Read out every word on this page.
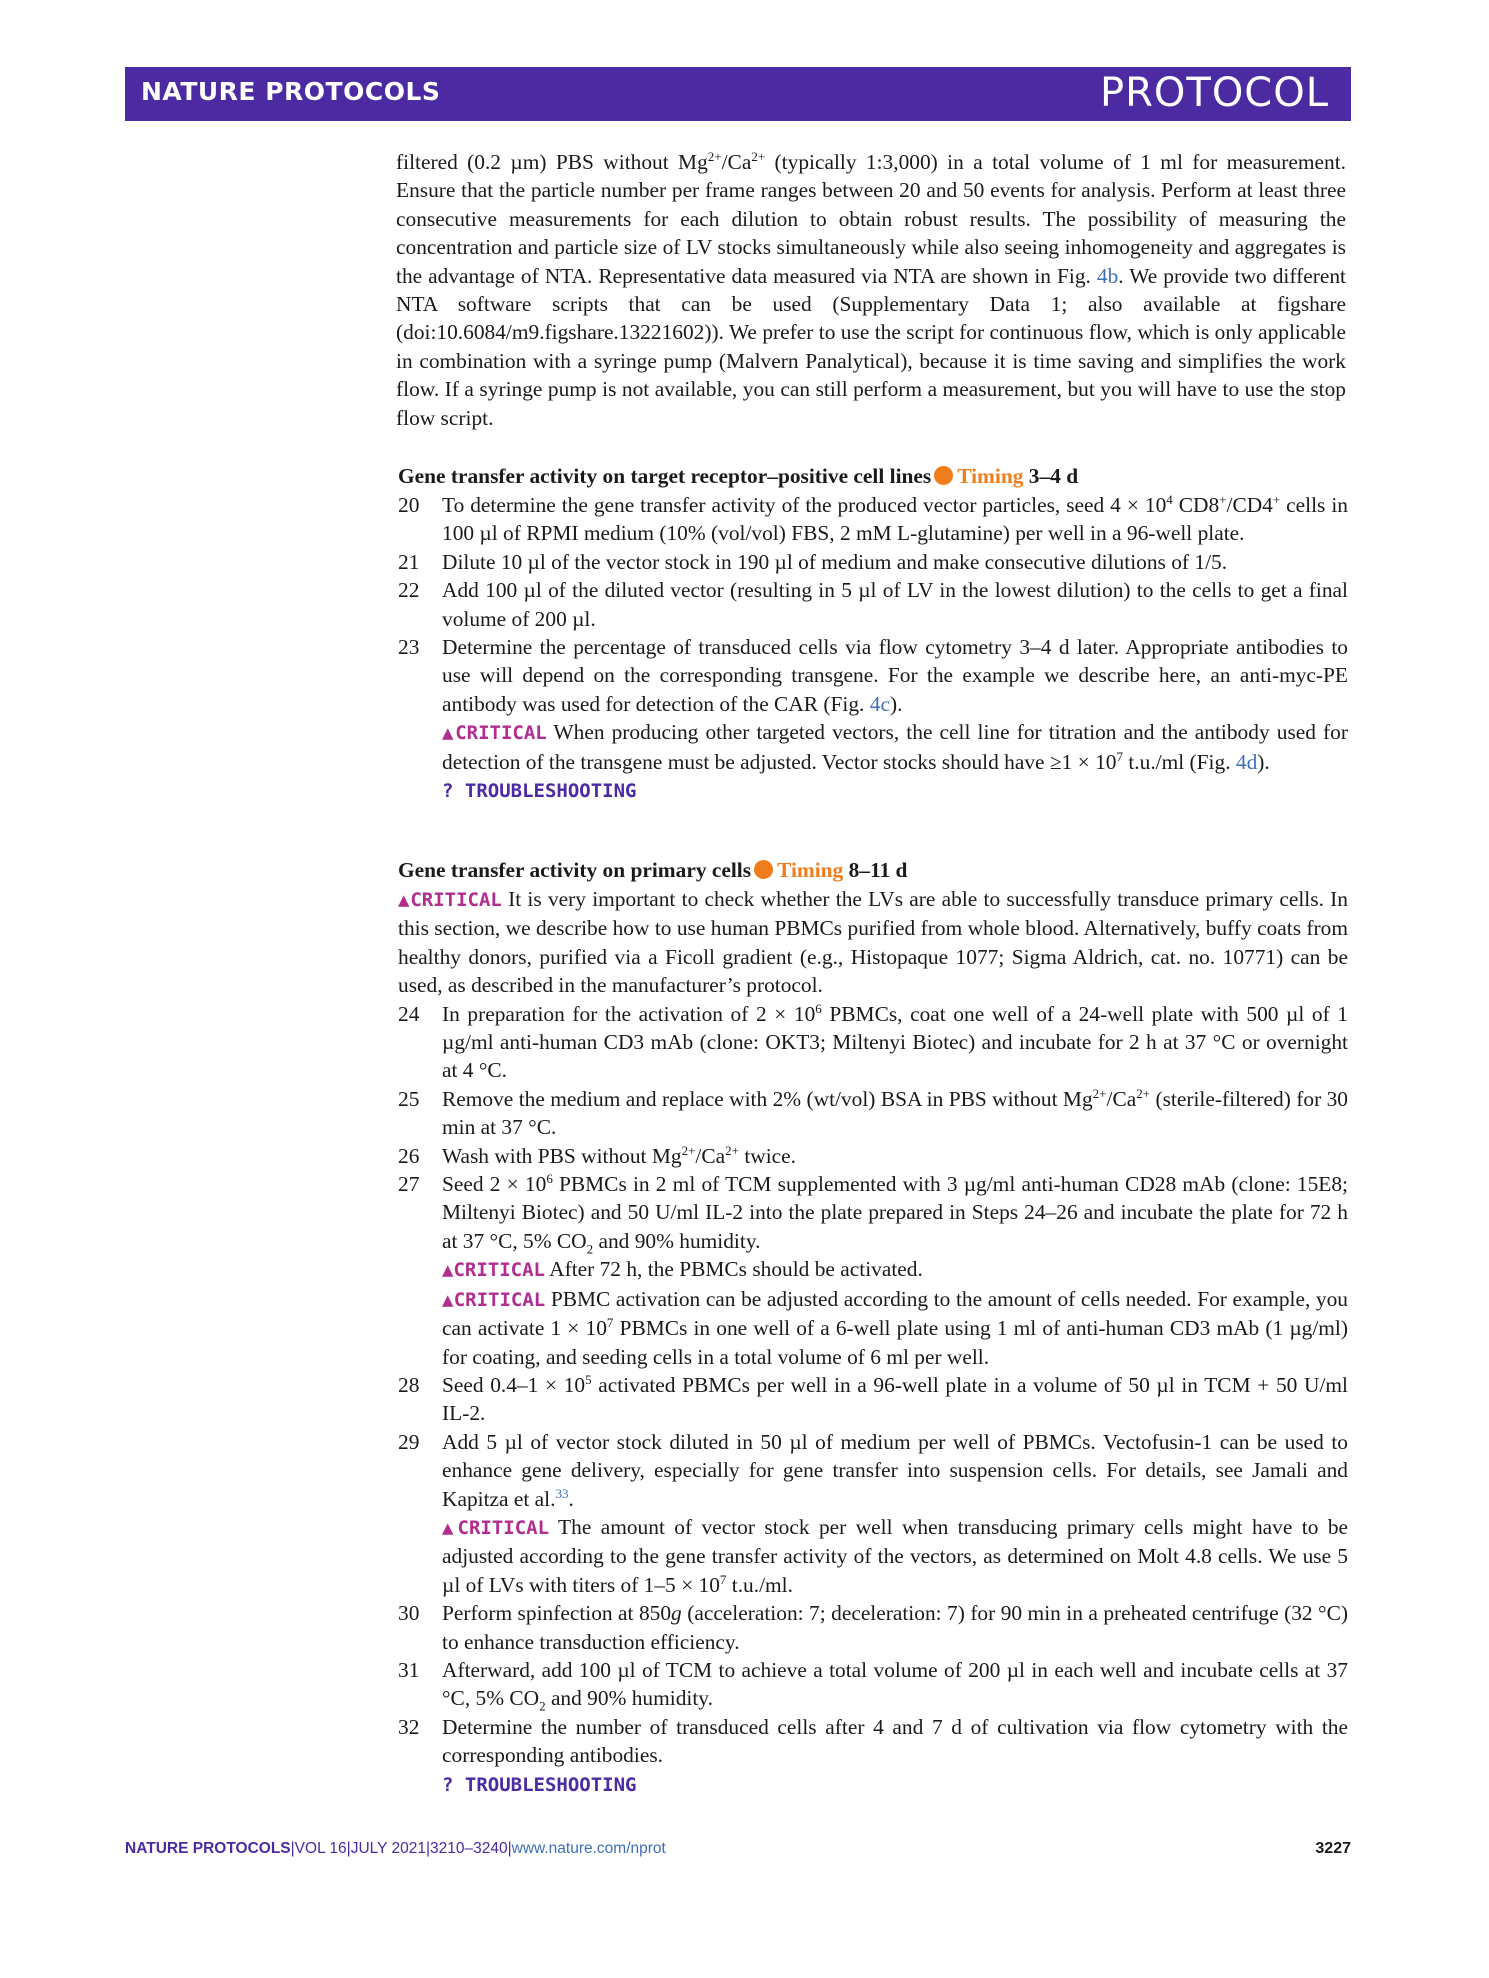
NATURE PROTOCOLS	PROTOCOL

filtered (0.2 µm) PBS without $Mg^{2+}/Ca^{2+}$ (typically 1:3,000) in a total volume of 1 ml for measurement. Ensure that the particle number per frame ranges between 20 and 50 events for analysis. Perform at least three consecutive measurements for each dilution to obtain robust results. The possibility of measuring the concentration and particle size of LV stocks simultaneously while also seeing inhomogeneity and aggregates is the advantage of NTA. Representative data measured via NTA are shown in Fig. 4b. We provide two different NTA software scripts that can be used (Supplementary Data 1; also available at figshare (doi:10.6084/m9.figshare.13221602)). We prefer to use the script for continuous flow, which is only applicable in combination with a syringe pump (Malvern Panalytical), because it is time saving and simplifies the work flow. If a syringe pump is not available, you can still perform a measurement, but you will have to use the stop flow script.

Gene transfer activity on target receptor–positive cell lines Timing 3–4 d
20 To determine the gene transfer activity of the produced vector particles, seed $4 \times 10^4$ CD8+/CD4+ cells in 100 µl of RPMI medium (10% (vol/vol) FBS, 2 mM L-glutamine) per well in a 96-well plate.
21 Dilute 10 µl of the vector stock in 190 µl of medium and make consecutive dilutions of 1/5.
22 Add 100 µl of the diluted vector (resulting in 5 µl of LV in the lowest dilution) to the cells to get a final volume of 200 µl.
23 Determine the percentage of transduced cells via flow cytometry 3–4 d later. Appropriate antibodies to use will depend on the corresponding transgene. For the example we describe here, an anti-myc-PE antibody was used for detection of the CAR (Fig. 4c).
▲CRITICAL When producing other targeted vectors, the cell line for titration and the antibody used for detection of the transgene must be adjusted. Vector stocks should have $\ge 1 \times 10^7$ t.u./ml (Fig. 4d).
? TROUBLESHOOTING
Gene transfer activity on primary cells Timing 8–11 d
▲CRITICAL It is very important to check whether the LVs are able to successfully transduce primary cells. In this section, we describe how to use human PBMCs purified from whole blood. Alternatively, buffy coats from healthy donors, purified via a Ficoll gradient (e.g., Histopaque 1077; Sigma Aldrich, cat. no. 10771) can be used, as described in the manufacturer’s protocol.
24 In preparation for the activation of $2 \times 10^6$ PBMCs, coat one well of a 24-well plate with 500 µl of 1 µg/ml anti-human CD3 mAb (clone: OKT3; Miltenyi Biotec) and incubate for 2 h at 37 °C or overnight at 4 °C.
25 Remove the medium and replace with 2% (wt/vol) BSA in PBS without $Mg^{2+}/Ca^{2+}$ (sterile-filtered) for 30 min at 37 °C.
26 Wash with PBS without $Mg^{2+}/Ca^{2+}$ twice.
27 Seed $2 \times 10^6$ PBMCs in 2 ml of TCM supplemented with 3 µg/ml anti-human CD28 mAb (clone: 15E8; Miltenyi Biotec) and 50 U/ml IL-2 into the plate prepared in Steps 24–26 and incubate the plate for 72 h at 37 °C, 5% $CO_2$ and 90% humidity.
▲CRITICAL After 72 h, the PBMCs should be activated.
▲CRITICAL PBMC activation can be adjusted according to the amount of cells needed. For example, you can activate $1 \times 10^7$ PBMCs in one well of a 6-well plate using 1 ml of anti-human CD3 mAb (1 µg/ml) for coating, and seeding cells in a total volume of 6 ml per well.
28 Seed $0.4-1 \times 10^5$ activated PBMCs per well in a 96-well plate in a volume of 50 µl in TCM + 50 U/ml IL-2.
29 Add 5 µl of vector stock diluted in 50 µl of medium per well of PBMCs. Vectofusin-1 can be used to enhance gene delivery, especially for gene transfer into suspension cells. For details, see Jamali and Kapitza et al.$^{33}$.
▲CRITICAL The amount of vector stock per well when transducing primary cells might have to be adjusted according to the gene transfer activity of the vectors, as determined on Molt 4.8 cells. We use 5 µl of LVs with titers of $1-5 \times 10^7$ t.u./ml.
30 Perform spinfection at 850g (acceleration: 7; deceleration: 7) for 90 min in a preheated centrifuge (32 °C) to enhance transduction efficiency.
31 Afterward, add 100 µl of TCM to achieve a total volume of 200 µl in each well and incubate cells at 37 °C, 5% $CO_2$ and 90% humidity.
32 Determine the number of transduced cells after 4 and 7 d of cultivation via flow cytometry with the corresponding antibodies.
? TROUBLESHOOTING
NATURE PROTOCOLS|VOL 16|JULY 2021|3210–3240|www.nature.com/nprot	3227
